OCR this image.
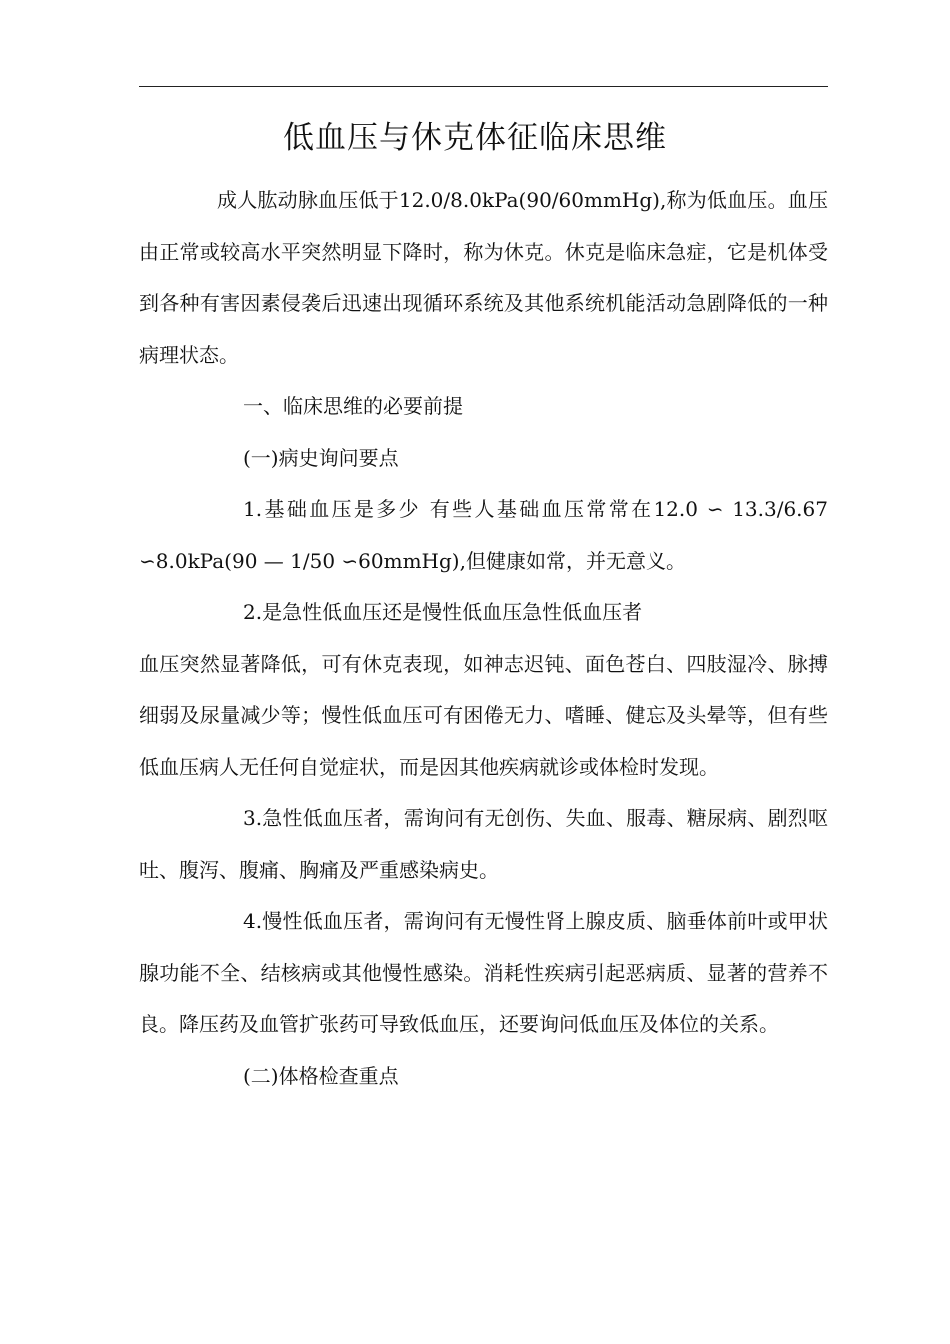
低血压与休克体征临床思维

成人肱动脉血压低于12.0/8.0kPa(90/60mmHg),称为低血压。血压由正常或较高水平突然明显下降时，称为休克。休克是临床急症，它是机体受到各种有害因素侵袭后迅速出现循环系统及其他系统机能活动急剧降低的一种病理状态。

一、临床思维的必要前提

(一)病史询问要点

1.基础血压是多少 有些人基础血压常常在12.0 ∽ 13.3/6.67 ∽8.0kPa(90 — 1/50 ∽60mmHg),但健康如常，并无意义。

2.是急性低血压还是慢性低血压急性低血压者

血压突然显著降低，可有休克表现，如神志迟钝、面色苍白、四肢湿冷、脉搏细弱及尿量减少等；慢性低血压可有困倦无力、嗜睡、健忘及头晕等，但有些低血压病人无任何自觉症状，而是因其他疾病就诊或体检时发现。

3.急性低血压者，需询问有无创伤、失血、服毒、糖尿病、剧烈呕吐、腹泻、腹痛、胸痛及严重感染病史。

4.慢性低血压者，需询问有无慢性肾上腺皮质、脑垂体前叶或甲状腺功能不全、结核病或其他慢性感染。消耗性疾病引起恶病质、显著的营养不良。降压药及血管扩张药可导致低血压，还要询问低血压及体位的关系。

(二)体格检查重点
